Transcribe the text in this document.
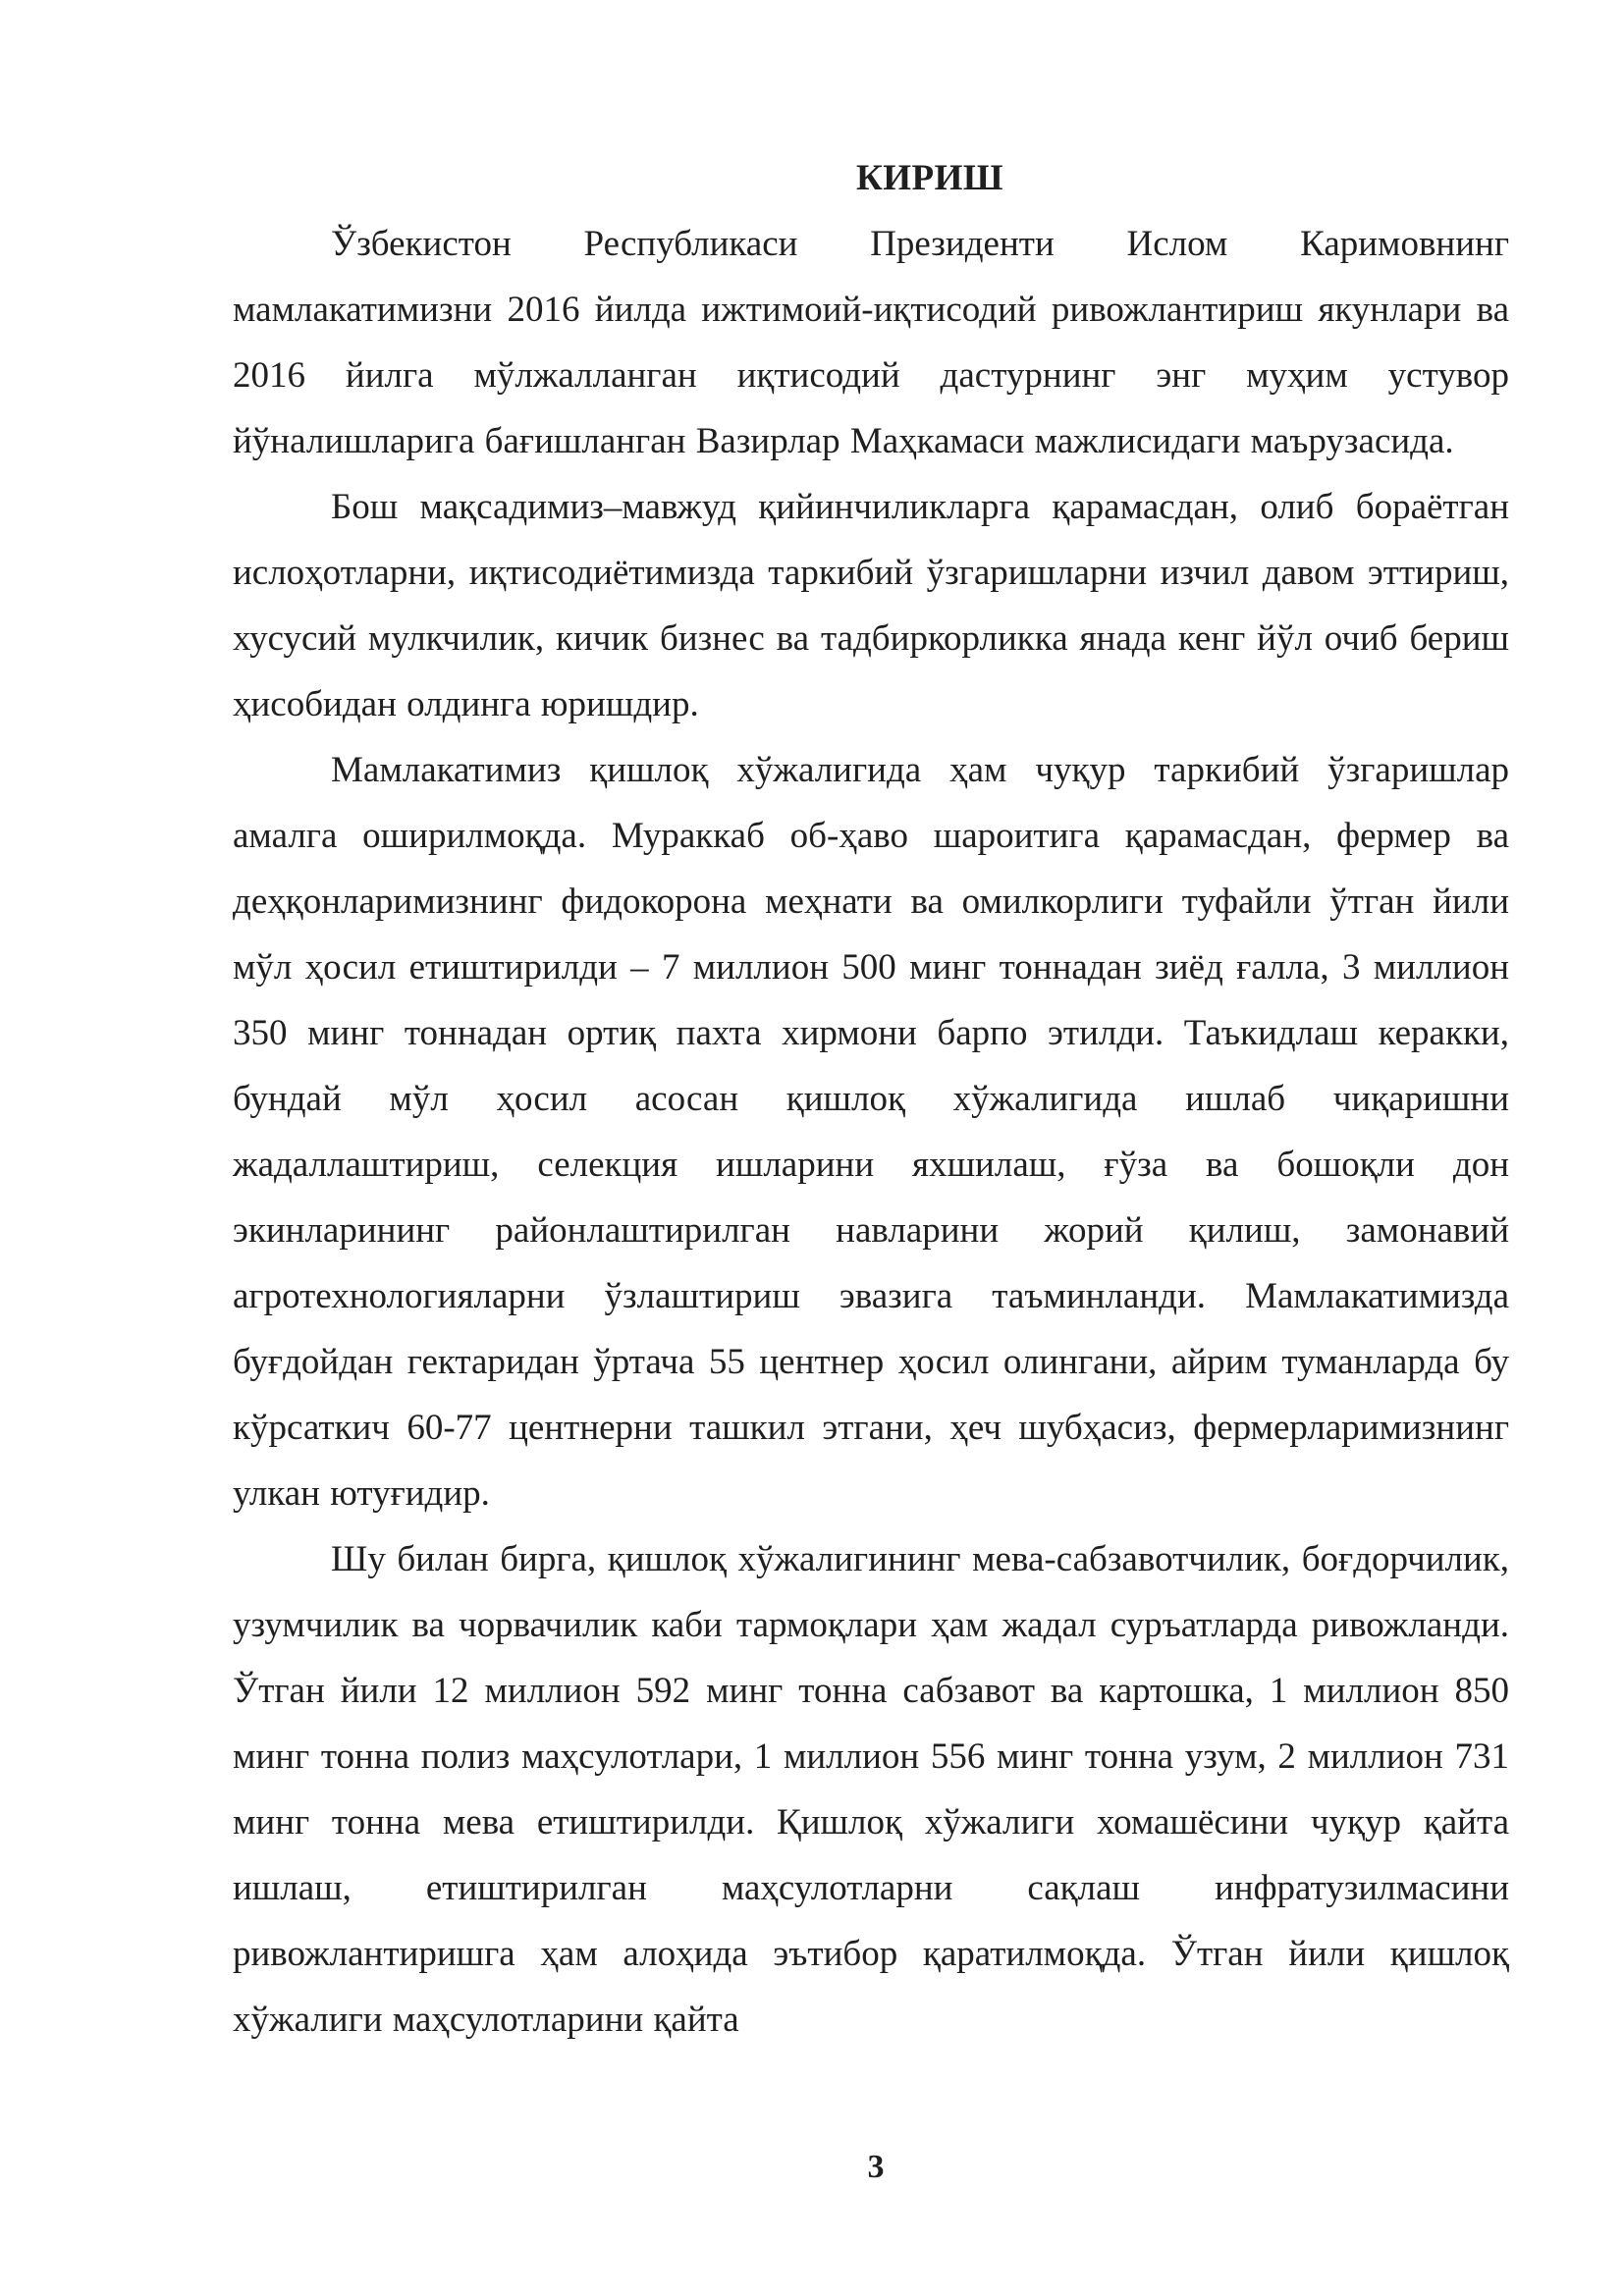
КИРИШ

Ўзбекистон Республикаси Президенти Ислом Каримовнинг мамлакатимизни 2016 йилда ижтимоий-иқтисодий ривожлантириш якунлари ва 2016 йилга мўлжалланган иқтисодий дастурнинг энг муҳим устувор йўналишларига бағишланган Вазирлар Маҳкамаси мажлисидаги маърузасида.

Бош мақсадимиз–мавжуд қийинчиликларга қарамасдан, олиб бораётган ислоҳотларни, иқтисодиётимизда таркибий ўзгаришларни изчил давом эттириш, хусусий мулкчилик, кичик бизнес ва тадбиркорликка янада кенг йўл очиб бериш ҳисобидан олдинга юришдир.

Мамлакатимиз қишлоқ хўжалигида ҳам чуқур таркибий ўзгаришлар амалга оширилмоқда. Мураккаб об-ҳаво шароитига қарамасдан, фермер ва деҳқонларимизнинг фидокорона меҳнати ва омилкорлиги туфайли ўтган йили мўл ҳосил етиштирилди – 7 миллион 500 минг тоннадан зиёд ғалла, 3 миллион 350 минг тоннадан ортиқ пахта хирмони барпо этилди. Таъкидлаш керакки, бундай мўл ҳосил асосан қишлоқ хўжалигида ишлаб чиқаришни жадаллаштириш, селекция ишларини яхшилаш, ғўза ва бошоқли дон экинларининг районлаштирилган навларини жорий қилиш, замонавий агротехнологияларни ўзлаштириш эвазига таъминланди. Мамлакатимизда буғдойдан гектаридан ўртача 55 центнер ҳосил олингани, айрим туманларда бу кўрсаткич 60-77 центнерни ташкил этгани, ҳеч шубҳасиз, фермерларимизнинг улкан ютуғидир.

Шу билан бирга, қишлоқ хўжалигининг мева-сабзавотчилик, боғдорчилик, узумчилик ва чорвачилик каби тармоқлари ҳам жадал суръатларда ривожланди. Ўтган йили 12 миллион 592 минг тонна сабзавот ва картошка, 1 миллион 850 минг тонна полиз маҳсулотлари, 1 миллион 556 минг тонна узум, 2 миллион 731 минг тонна мева етиштирилди. Қишлоқ хўжалиги хомашёсини чуқур қайта ишлаш, етиштирилган маҳсулотларни сақлаш инфратузилмасини ривожлантиришга ҳам алоҳида эътибор қаратилмоқда. Ўтган йили қишлоқ хўжалиги маҳсулотларини қайта

3
